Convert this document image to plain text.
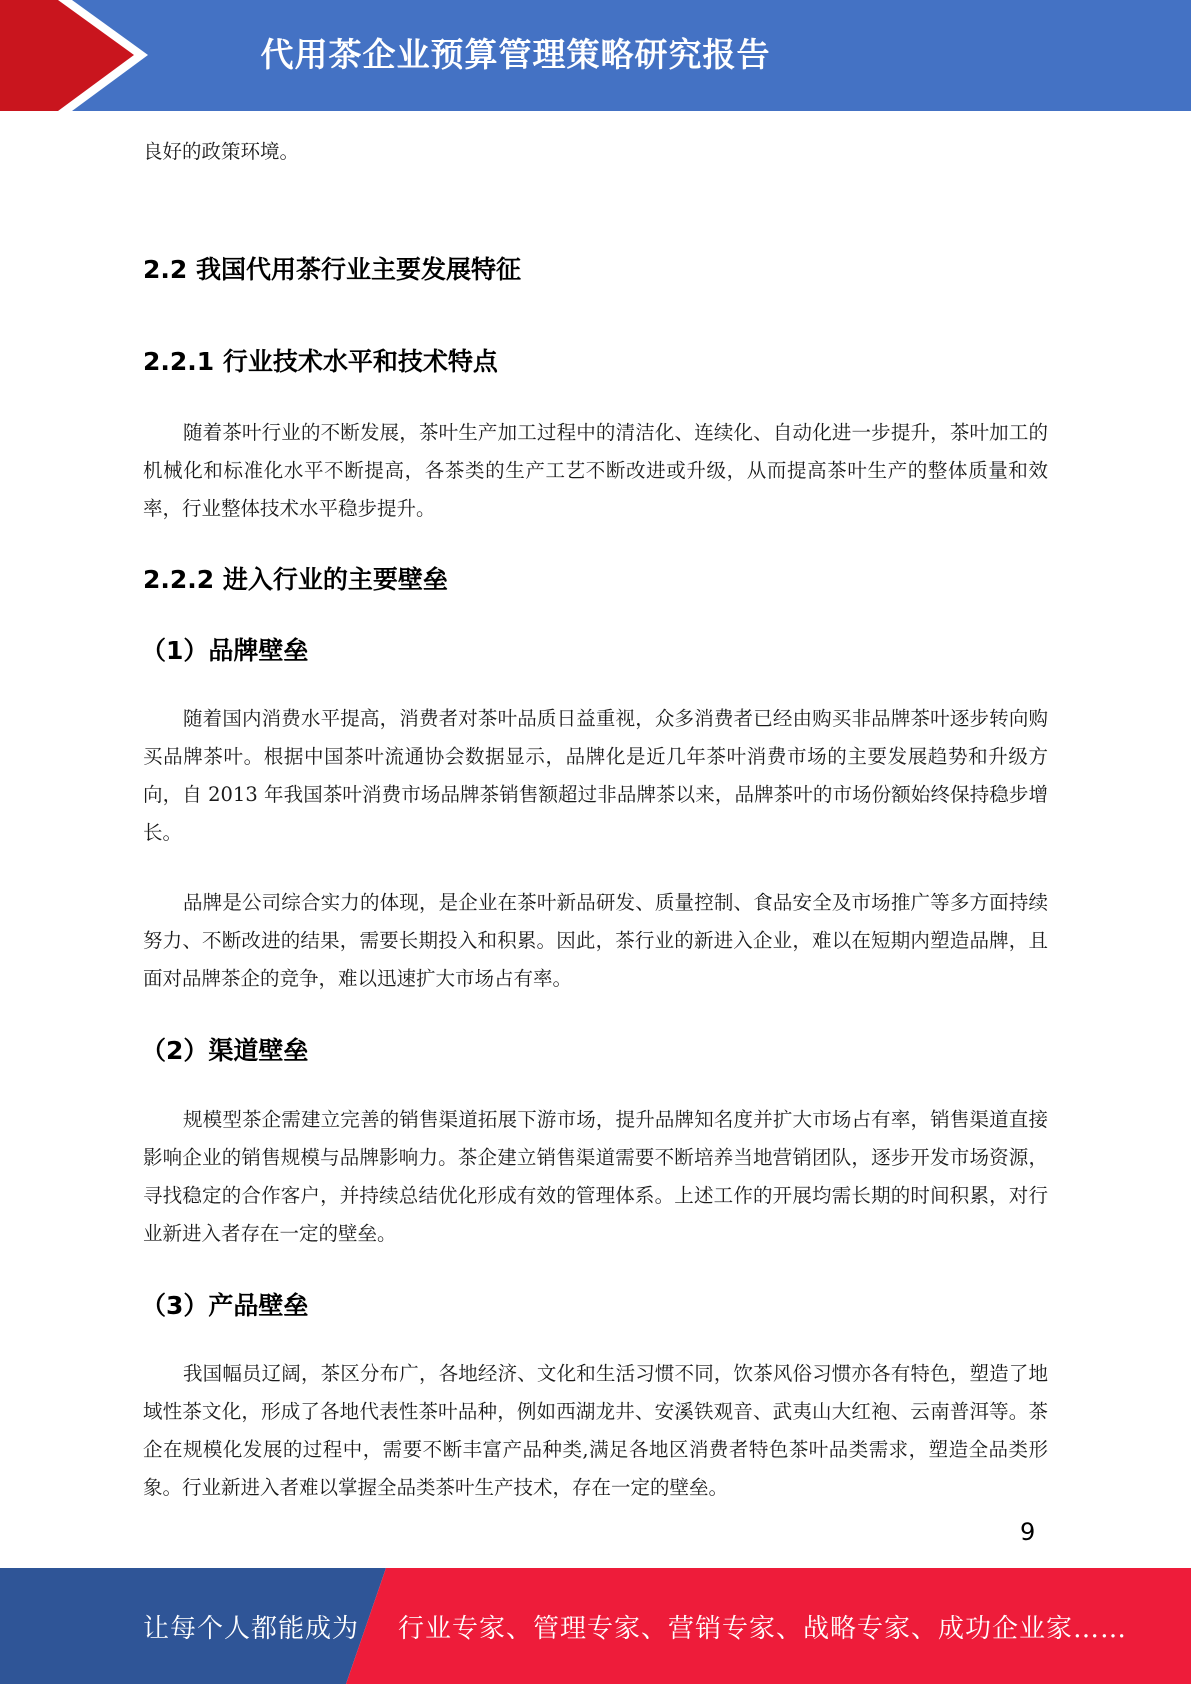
代用茶企业预算管理策略研究报告
良好的政策环境。
2.2 我国代用茶行业主要发展特征
2.2.1 行业技术水平和技术特点
随着茶叶行业的不断发展，茶叶生产加工过程中的清洁化、连续化、自动化进一步提升，茶叶加工的机械化和标准化水平不断提高，各茶类的生产工艺不断改进或升级，从而提高茶叶生产的整体质量和效率，行业整体技术水平稳步提升。
2.2.2 进入行业的主要壁垒
（1）品牌壁垒
随着国内消费水平提高，消费者对茶叶品质日益重视，众多消费者已经由购买非品牌茶叶逐步转向购买品牌茶叶。根据中国茶叶流通协会数据显示，品牌化是近几年茶叶消费市场的主要发展趋势和升级方向，自 2013 年我国茶叶消费市场品牌茶销售额超过非品牌茶以来，品牌茶叶的市场份额始终保持稳步增长。
品牌是公司综合实力的体现，是企业在茶叶新品研发、质量控制、食品安全及市场推广等多方面持续努力、不断改进的结果，需要长期投入和积累。因此，茶行业的新进入企业，难以在短期内塑造品牌，且面对品牌茶企的竞争，难以迅速扩大市场占有率。
（2）渠道壁垒
规模型茶企需建立完善的销售渠道拓展下游市场，提升品牌知名度并扩大市场占有率，销售渠道直接影响企业的销售规模与品牌影响力。茶企建立销售渠道需要不断培养当地营销团队，逐步开发市场资源，寻找稳定的合作客户，并持续总结优化形成有效的管理体系。上述工作的开展均需长期的时间积累，对行业新进入者存在一定的壁垒。
（3）产品壁垒
我国幅员辽阔，茶区分布广，各地经济、文化和生活习惯不同，饮茶风俗习惯亦各有特色，塑造了地域性茶文化，形成了各地代表性茶叶品种，例如西湖龙井、安溪铁观音、武夷山大红袍、云南普洱等。茶企在规模化发展的过程中，需要不断丰富产品种类,满足各地区消费者特色茶叶品类需求，塑造全品类形象。行业新进入者难以掌握全品类茶叶生产技术，存在一定的壁垒。
9
让每个人都能成为 行业专家、管理专家、营销专家、战略专家、成功企业家……
